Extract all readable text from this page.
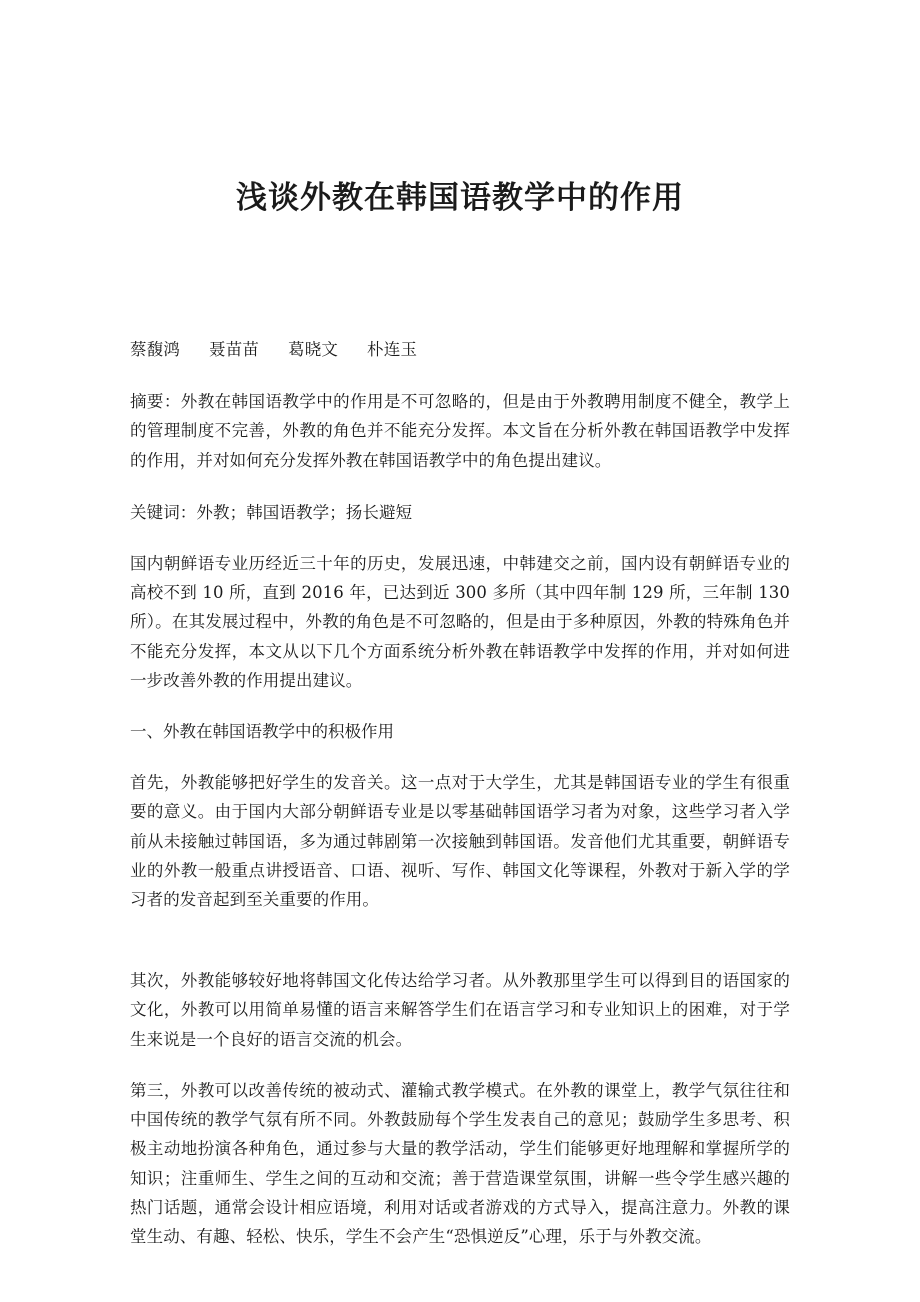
浅谈外教在韩国语教学中的作用
蔡馥鸿 聂苗苗 葛晓文 朴连玉

摘要：外教在韩国语教学中的作用是不可忽略的，但是由于外教聘用制度不健全，教学上的管理制度不完善，外教的角色并不能充分发挥。本文旨在分析外教在韩国语教学中发挥的作用，并对如何充分发挥外教在韩国语教学中的角色提出建议。

关键词：外教；韩国语教学；扬长避短

国内朝鲜语专业历经近三十年的历史，发展迅速，中韩建交之前，国内设有朝鲜语专业的高校不到 10 所，直到 2016 年，已达到近 300 多所（其中四年制 129 所，三年制 130 所）。在其发展过程中，外教的角色是不可忽略的，但是由于多种原因，外教的特殊角色并不能充分发挥，本文从以下几个方面系统分析外教在韩语教学中发挥的作用，并对如何进一步改善外教的作用提出建议。

一、外教在韩国语教学中的积极作用

首先，外教能够把好学生的发音关。这一点对于大学生，尤其是韩国语专业的学生有很重要的意义。由于国内大部分朝鲜语专业是以零基础韩国语学习者为对象，这些学习者入学前从未接触过韩国语，多为通过韩剧第一次接触到韩国语。发音他们尤其重要，朝鲜语专业的外教一般重点讲授语音、口语、视听、写作、韩国文化等课程，外教对于新入学的学习者的发音起到至关重要的作用。

其次，外教能够较好地将韩国文化传达给学习者。从外教那里学生可以得到目的语国家的文化，外教可以用简单易懂的语言来解答学生们在语言学习和专业知识上的困难，对于学生来说是一个良好的语言交流的机会。

第三，外教可以改善传统的被动式、灌输式教学模式。在外教的课堂上，教学气氛往往和中国传统的教学气氛有所不同。外教鼓励每个学生发表自己的意见；鼓励学生多思考、积极主动地扮演各种角色，通过参与大量的教学活动，学生们能够更好地理解和掌握所学的知识；注重师生、学生之间的互动和交流；善于营造课堂氛围，讲解一些令学生感兴趣的热门话题，通常会设计相应语境，利用对话或者游戏的方式导入，提高注意力。外教的课堂生动、有趣、轻松、快乐，学生不会产生“恐惧逆反”心理，乐于与外教交流。
